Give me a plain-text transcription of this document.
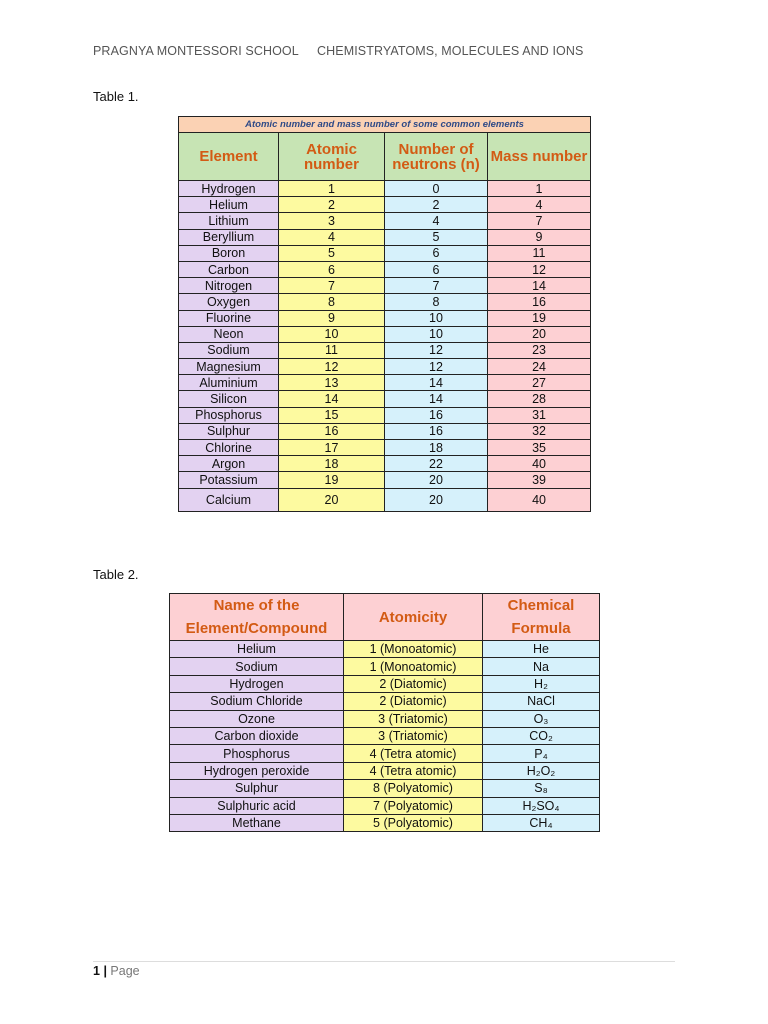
PRAGNYA MONTESSORI SCHOOL CHEMISTRYATOMS, MOLECULES AND IONS
Table 1.
Atomic number and mass number of some common elements			
Element	Atomic number	Number of neutrons (n)	Mass number
Hydrogen	1	0	1
Helium	2	2	4
Lithium	3	4	7
Beryllium	4	5	9
Boron	5	6	11
Carbon	6	6	12
Nitrogen	7	7	14
Oxygen	8	8	16
Fluorine	9	10	19
Neon	10	10	20
Sodium	11	12	23
Magnesium	12	12	24
Aluminium	13	14	27
Silicon	14	14	28
Phosphorus	15	16	31
Sulphur	16	16	32
Chlorine	17	18	35
Argon	18	22	40
Potassium	19	20	39
Calcium	20	20	40
Table 2.
Name of the Element/Compound	Atomicity	Chemical Formula
Helium	1 (Monoatomic)	He
Sodium	1 (Monoatomic)	Na
Hydrogen	2 (Diatomic)	H₂
Sodium Chloride	2 (Diatomic)	NaCl
Ozone	3 (Triatomic)	O₃
Carbon dioxide	3 (Triatomic)	CO₂
Phosphorus	4 (Tetra atomic)	P₄
Hydrogen peroxide	4 (Tetra atomic)	H₂O₂
Sulphur	8 (Polyatomic)	S₈
Sulphuric acid	7 (Polyatomic)	H₂SO₄
Methane	5 (Polyatomic)	CH₄
1 | Page
